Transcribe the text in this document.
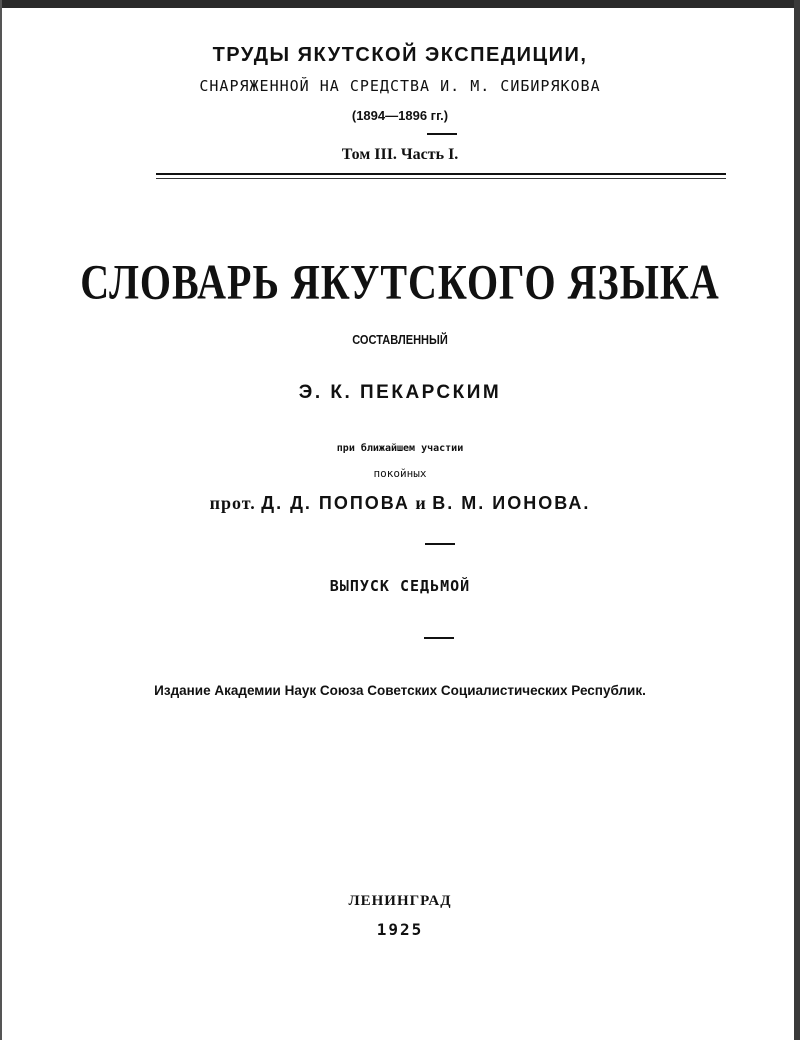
ТРУДЫ ЯКУТСКОЙ ЭКСПЕДИЦИИ,
СНАРЯЖЕННОЙ НА СРЕДСТВА И. М. СИБИРЯКОВА
(1894—1896 гг.)
Том III. Часть I.
СЛОВАРЬ ЯКУТСКОГО ЯЗЫКА
СОСТАВЛЕННЫЙ
Э. К. ПЕКАРСКИМ
при ближайшем участии
покойных
прот. Д. Д. ПОПОВА и В. М. ИОНОВА.
ВЫПУСК СЕДЬМОЙ
Издание Академии Наук Союза Советских Социалистических Республик.
ЛЕНИНГРАД
1925
